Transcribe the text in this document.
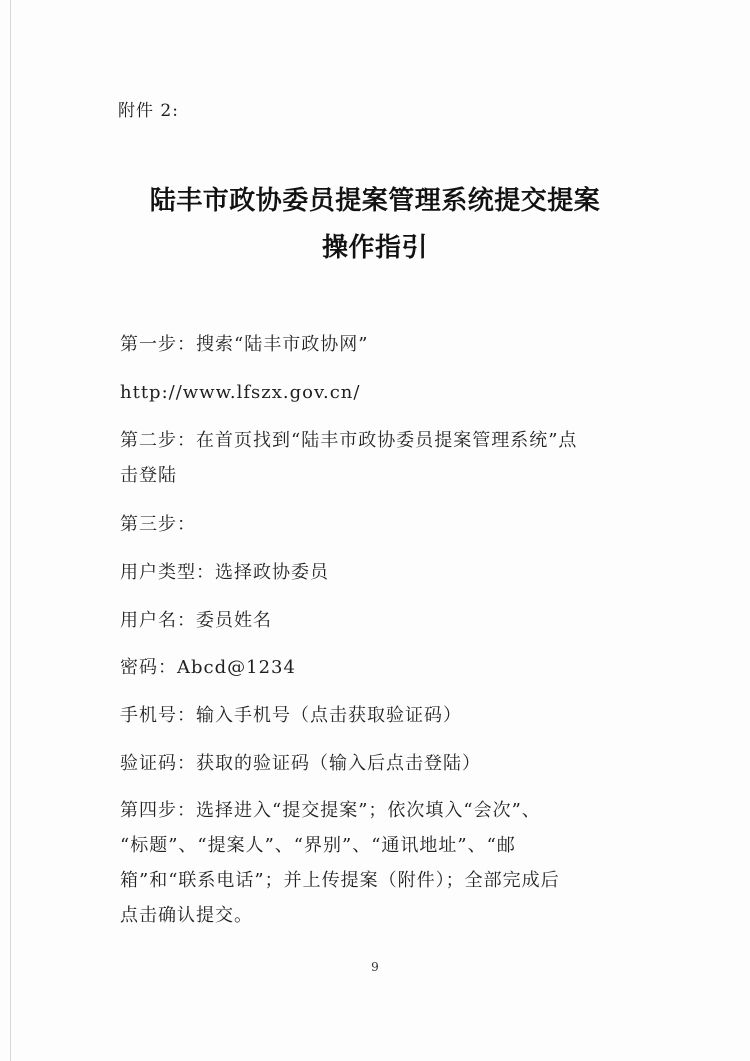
附件 2:
陆丰市政协委员提案管理系统提交提案
操作指引
第一步：搜索“陆丰市政协网”
http://www.lfszx.gov.cn/
第二步：在首页找到“陆丰市政协委员提案管理系统”点
击登陆
第三步：
用户类型：选择政协委员
用户名：委员姓名
密码：Abcd@1234
手机号：输入手机号（点击获取验证码）
验证码：获取的验证码（输入后点击登陆）
第四步：选择进入“提交提案”；依次填入“会次”、
“标题”、“提案人”、“界别”、“通讯地址”、“邮
箱”和“联系电话”；并上传提案（附件）；全部完成后
点击确认提交。
9
